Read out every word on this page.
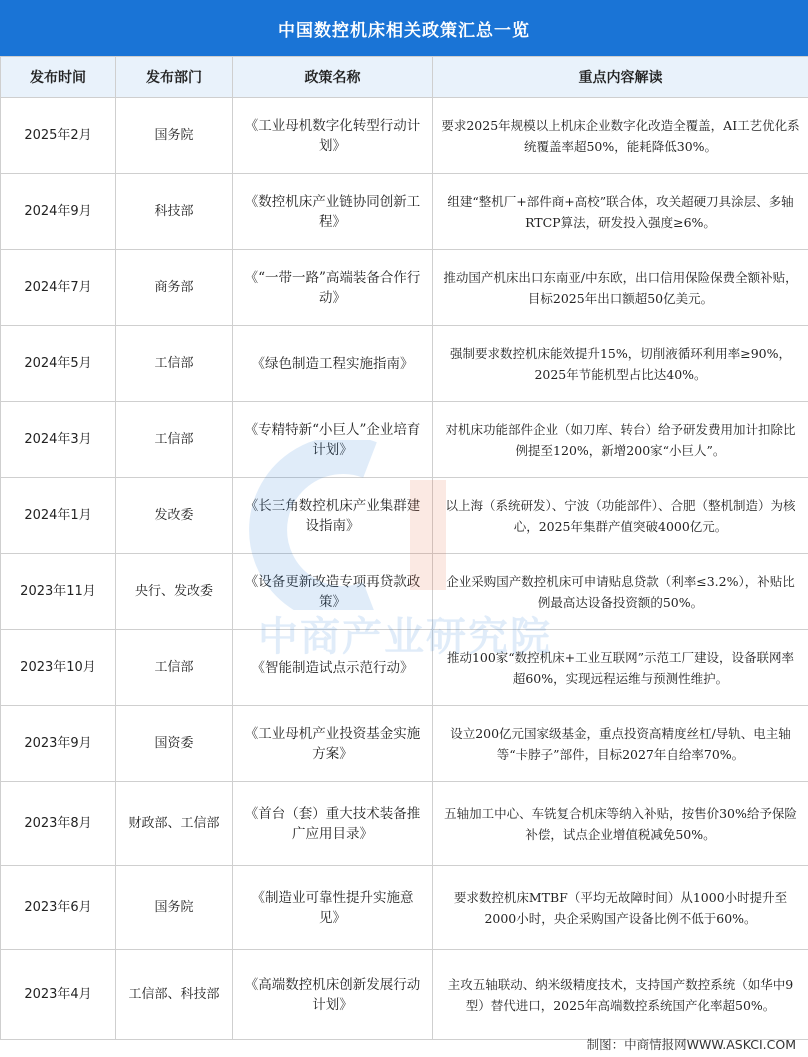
中国数控机床相关政策汇总一览
发布时间	发布部门	政策名称	重点内容解读
2025年2月	国务院	《工业母机数字化转型行动计划》	要求2025年规模以上机床企业数字化改造全覆盖，AI工艺优化系统覆盖率超50%，能耗降低30%。
2024年9月	科技部	《数控机床产业链协同创新工程》	组建“整机厂+部件商+高校”联合体，攻关超硬刀具涂层、多轴RTCP算法，研发投入强度≥6%。
2024年7月	商务部	《“一带一路”高端装备合作行动》	推动国产机床出口东南亚/中东欧，出口信用保险保费全额补贴，目标2025年出口额超50亿美元。
2024年5月	工信部	《绿色制造工程实施指南》	强制要求数控机床能效提升15%，切削液循环利用率≥90%，2025年节能机型占比达40%。
2024年3月	工信部	《专精特新“小巨人”企业培育计划》	对机床功能部件企业（如刀库、转台）给予研发费用加计扣除比例提至120%，新增200家“小巨人”。
2024年1月	发改委	《长三角数控机床产业集群建设指南》	以上海（系统研发）、宁波（功能部件）、合肥（整机制造）为核心，2025年集群产值突破4000亿元。
2023年11月	央行、发改委	《设备更新改造专项再贷款政策》	企业采购国产数控机床可申请贴息贷款（利率≤3.2%），补贴比例最高达设备投资额的50%。
2023年10月	工信部	《智能制造试点示范行动》	推动100家“数控机床+工业互联网”示范工厂建设，设备联网率超60%，实现远程运维与预测性维护。
2023年9月	国资委	《工业母机产业投资基金实施方案》	设立200亿元国家级基金，重点投资高精度丝杠/导轨、电主轴等“卡脖子”部件，目标2027年自给率70%。
2023年8月	财政部、工信部	《首台（套）重大技术装备推广应用目录》	五轴加工中心、车铣复合机床等纳入补贴，按售价30%给予保险补偿，试点企业增值税减免50%。
2023年6月	国务院	《制造业可靠性提升实施意见》	要求数控机床MTBF（平均无故障时间）从1000小时提升至2000小时，央企采购国产设备比例不低于60%。
2023年4月	工信部、科技部	《高端数控机床创新发展行动计划》	主攻五轴联动、纳米级精度技术，支持国产数控系统（如华中9型）替代进口，2025年高端数控系统国产化率超50%。
中商产业研究院
制图：中商情报网WWW.ASKCI.COM
